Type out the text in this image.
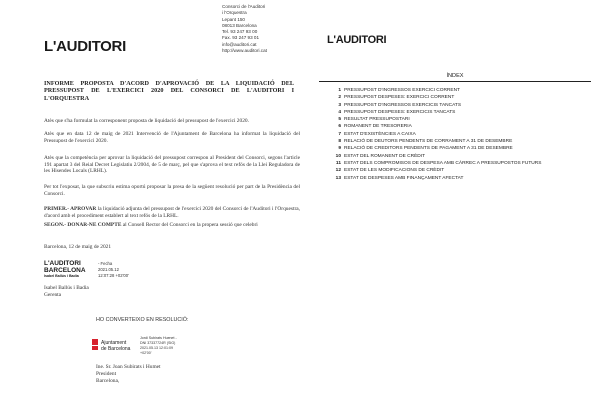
L'AUDITORI
Consorci de l'Auditori
i l'Orquestra
Lepant 150
08013 Barcelona
Tel. 93 247 93 00
Fax. 93 247 93 01
info@auditori.cat
http://www.auditori.cat
INFORME PROPOSTA D'ACORD D'APROVACIÓ DE LA LIQUIDACIÓ DEL PRESSUPOST DE L'EXERCICI 2020 DEL CONSORCI DE L'AUDITORI I L'ORQUESTRA
Atès que s'ha formulat la corresponent proposta de liquidació del pressupost de l'exercici 2020.
Atès que en data 12 de maig de 2021 Intervenció de l'Ajuntament de Barcelona ha informat la liquidació del Pressupost de l'exercici 2020.
Atès que la competència per aprovar la liquidació del pressupost correspon al President del Consorci, segons l'article 191 apartat 3 del Reial Decret Legislatiu 2/2004, de 5 de març, pel que s'aprova el text refós de la Llei Reguladora de les Hisendes Locals (LRHL).
Per tot l'exposat, la que subscriu estima oportú proposar la presa de la següent resolució per part de la Presidència del Consorci.
PRIMER.- APROVAR la liquidació adjunta del pressupost de l'exercici 2020 del Consorci de l'Auditori i l'Orquestra, d'acord amb el procediment establert al text refós de la LRHL.
SEGON.- DONAR-NE COMPTE al Consell Rector del Consorci en la propera sessió que celebri
Barcelona, 12 de maig de 2021
L'AUDITORI
BARCELONA
Isabel Ballús i Badia
- Fecha
2021.05.12
12:07:28 +02'00'
Isabel Ballús i Badia
Gerenta
HO CONVERTEIXO EN RESOLUCIÓ:
Ajuntament
de Barcelona
Jordi Subirats Huenet -
DNI 37337724R (SIG)
2021.05.13 12:01:09
+02'00'
Ine. Sr. Joan Subirats i Humet
President
Barcelona,
L'AUDITORI
ÍNDEX
1 PRESSUPOST D'INGRESSOS EXERCICI CORRENT
2 PRESSUPOST DESPESES: EXERCICI CORRENT
3 PRESSUPOST D'INGRESSOS EXERCICIS TANCATS
4 PRESSUPOST DESPESES: EXERCICIS TANCATS
5 RESULTAT PRESSUPOSTARI
6 ROMANENT DE TRESORERIA
7 ESTAT D'EXISTÈNCIES A CAIXA
8 RELACIÓ DE DEUTORS PENDENTS DE CORRAMENT A 31 DE DESEMBRE
9 RELACIÓ DE CREDITORS PENDENTS DE PAGAMENT A 31 DE DESEMBRE
10 ESTAT DEL ROMANENT DE CRÈDIT
11 ESTAT DELS COMPROMISOS DE DESPESA AMB CÀRREC A PRESSUPOSTOS FUTURS
12 ESTAT DE LES MODIFICACIONS DE CRÈDIT
13 ESTAT DE DESPESES AMB FINANÇAMENT AFECTAT
